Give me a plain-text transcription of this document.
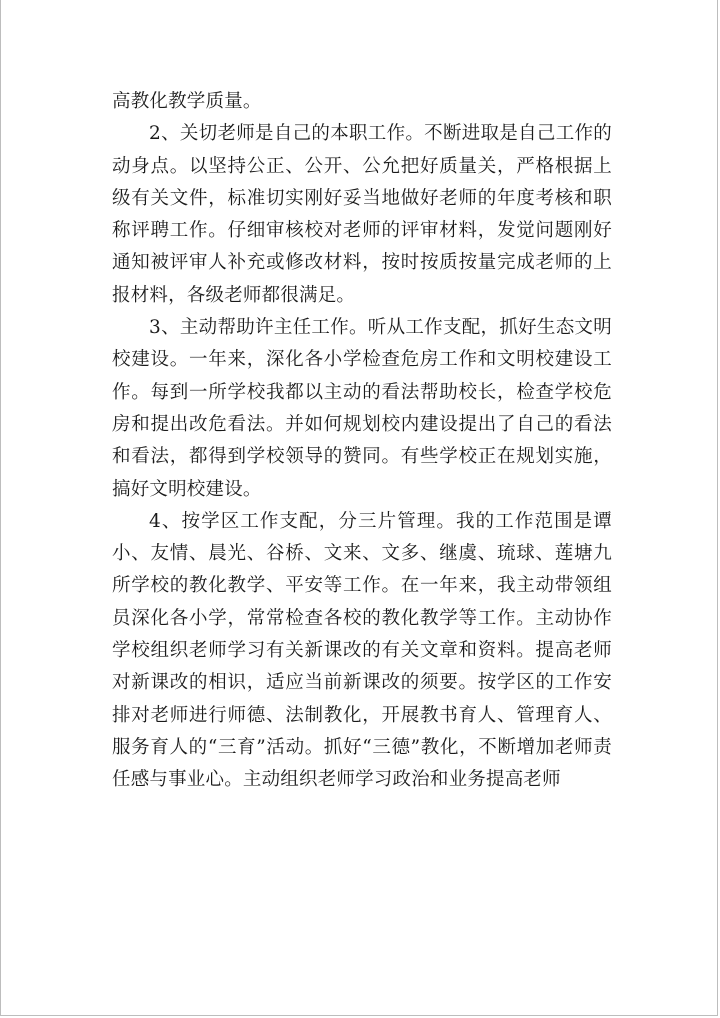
高教化教学质量。

2、关切老师是自己的本职工作。不断进取是自己工作的动身点。以坚持公正、公开、公允把好质量关，严格根据上级有关文件，标准切实刚好妥当地做好老师的年度考核和职称评聘工作。仔细审核校对老师的评审材料，发觉问题刚好通知被评审人补充或修改材料，按时按质按量完成老师的上报材料，各级老师都很满足。

3、主动帮助许主任工作。听从工作支配，抓好生态文明校建设。一年来，深化各小学检查危房工作和文明校建设工作。每到一所学校我都以主动的看法帮助校长，检查学校危房和提出改危看法。并如何规划校内建设提出了自己的看法和看法，都得到学校领导的赞同。有些学校正在规划实施，搞好文明校建设。

4、按学区工作支配，分三片管理。我的工作范围是谭小、友情、晨光、谷桥、文来、文多、继虞、琉球、莲塘九所学校的教化教学、平安等工作。在一年来，我主动带领组员深化各小学，常常检查各校的教化教学等工作。主动协作学校组织老师学习有关新课改的有关文章和资料。提高老师对新课改的相识，适应当前新课改的须要。按学区的工作安排对老师进行师德、法制教化，开展教书育人、管理育人、服务育人的“三育”活动。抓好“三德”教化，不断增加老师责任感与事业心。主动组织老师学习政治和业务提高老师
